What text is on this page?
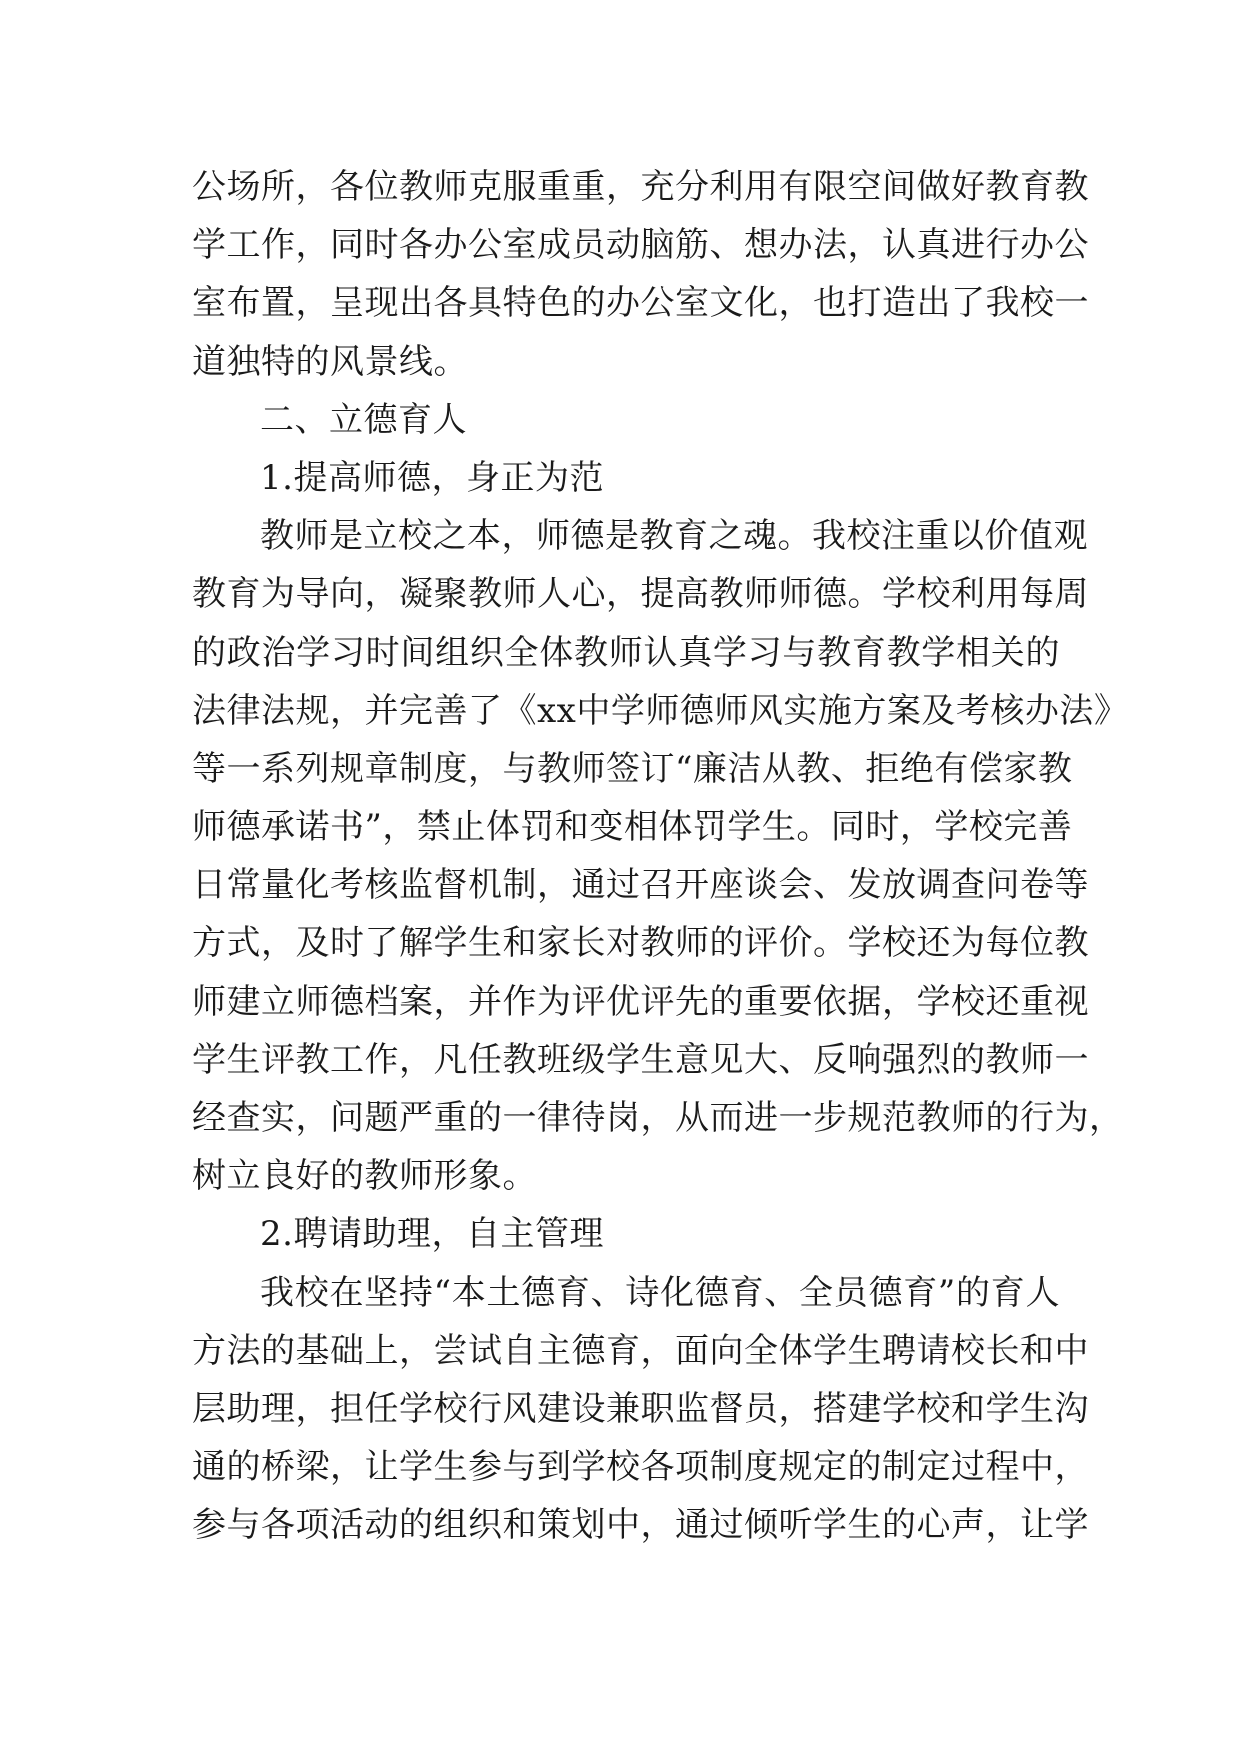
公场所，各位教师克服重重，充分利用有限空间做好教育教
学工作，同时各办公室成员动脑筋、想办法，认真进行办公
室布置，呈现出各具特色的办公室文化，也打造出了我校一
道独特的风景线。
二、立德育人
1.提高师德，身正为范
教师是立校之本，师德是教育之魂。我校注重以价值观
教育为导向，凝聚教师人心，提高教师师德。学校利用每周
的政治学习时间组织全体教师认真学习与教育教学相关的
法律法规，并完善了《xx中学师德师风实施方案及考核办法》
等一系列规章制度，与教师签订“廉洁从教、拒绝有偿家教
师德承诺书”，禁止体罚和变相体罚学生。同时，学校完善
日常量化考核监督机制，通过召开座谈会、发放调查问卷等
方式，及时了解学生和家长对教师的评价。学校还为每位教
师建立师德档案，并作为评优评先的重要依据，学校还重视
学生评教工作，凡任教班级学生意见大、反响强烈的教师一
经查实，问题严重的一律待岗，从而进一步规范教师的行为，
树立良好的教师形象。
2.聘请助理，自主管理
我校在坚持“本土德育、诗化德育、全员德育”的育人
方法的基础上，尝试自主德育，面向全体学生聘请校长和中
层助理，担任学校行风建设兼职监督员，搭建学校和学生沟
通的桥梁，让学生参与到学校各项制度规定的制定过程中，
参与各项活动的组织和策划中，通过倾听学生的心声，让学
